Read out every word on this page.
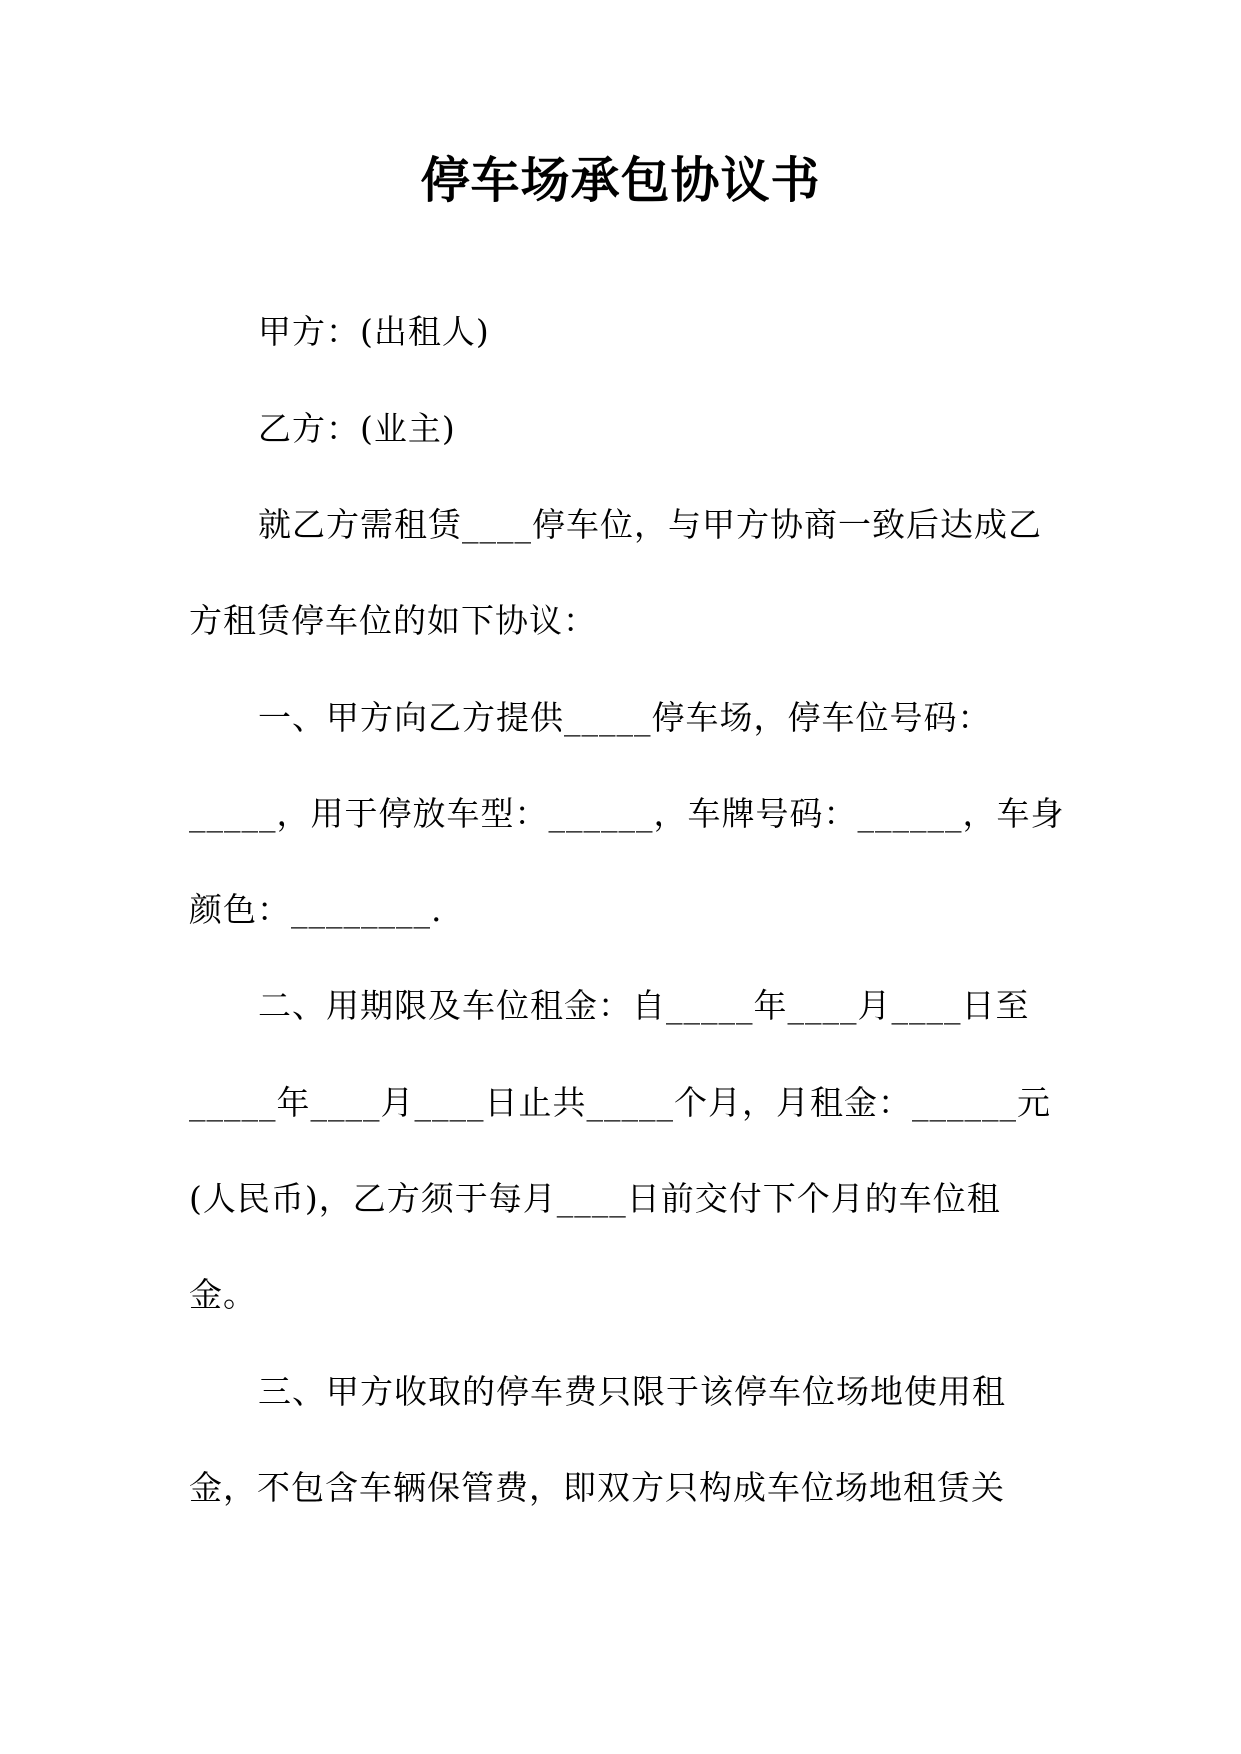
停车场承包协议书
甲方：(出租人)
乙方：(业主)
就乙方需租赁____停车位，与甲方协商一致后达成乙
方租赁停车位的如下协议：
一、甲方向乙方提供_____停车场，停车位号码：
_____，用于停放车型：______，车牌号码：______，车身
颜色：________.
二、用期限及车位租金：自_____年____月____日至
_____年____月____日止共_____个月，月租金：______元
(人民币)，乙方须于每月____日前交付下个月的车位租
金。
三、甲方收取的停车费只限于该停车位场地使用租
金，不包含车辆保管费，即双方只构成车位场地租赁关
